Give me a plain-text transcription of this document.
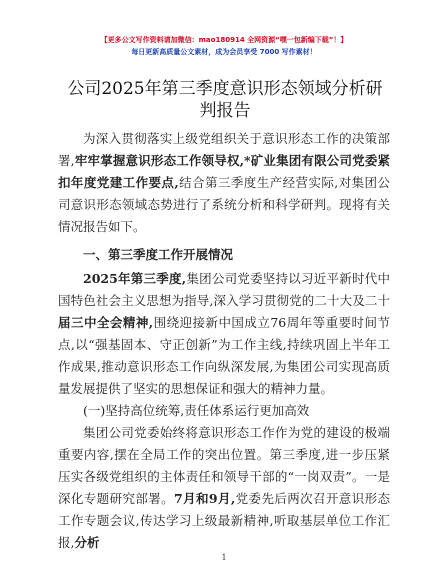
【更多公文写作资料请加微信：mao180914 全网资源“嘿一包新编下载”！】
每日更新高质量公文素材，成为会员享受 7000 写作素材！
公司2025年第三季度意识形态领域分析研判报告

为深入贯彻落实上级党组织关于意识形态工作的决策部署,牢牢掌握意识形态工作领导权,*矿业集团有限公司党委紧扣年度党建工作要点,结合第三季度生产经营实际,对集团公司意识形态领域态势进行了系统分析和科学研判。现将有关情况报告如下。

一、第三季度工作开展情况

2025年第三季度,集团公司党委坚持以习近平新时代中国特色社会主义思想为指导,深入学习贯彻党的二十大及二十届三中全会精神,围绕迎接新中国成立76周年等重要时间节点,以“强基固本、守正创新”为工作主线,持续巩固上半年工作成果,推动意识形态工作向纵深发展,为集团公司实现高质量发展提供了坚实的思想保证和强大的精神力量。

(一)坚持高位统筹,责任体系运行更加高效

集团公司党委始终将意识形态工作作为党的建设的极端重要内容,摆在全局工作的突出位置。第三季度,进一步压紧压实各级党组织的主体责任和领导干部的“一岗双责”。一是深化专题研究部署。7月和9月,党委先后两次召开意识形态工作专题会议,传达学习上级最新精神,听取基层单位工作汇报,分析

1
